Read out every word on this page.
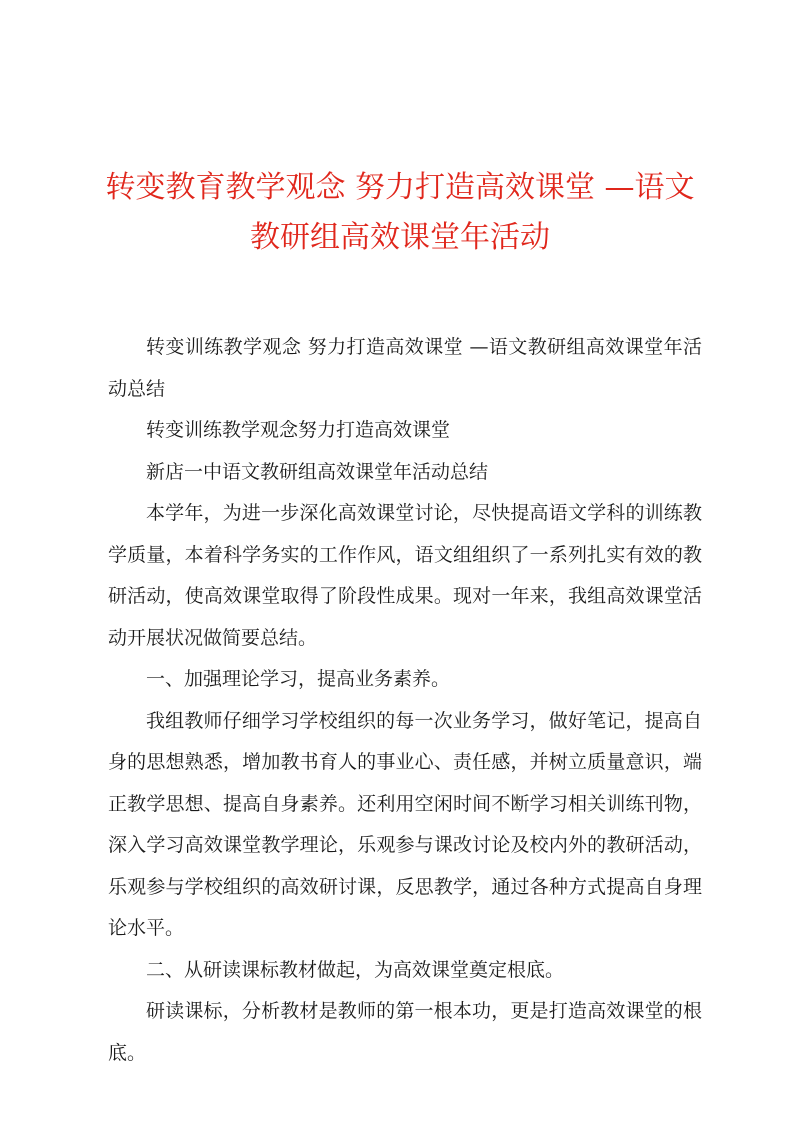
转变教育教学观念 努力打造高效课堂 —语文
教研组高效课堂年活动

转变训练教学观念 努力打造高效课堂 —语文教研组高效课堂年活动总结

转变训练教学观念努力打造高效课堂

新店一中语文教研组高效课堂年活动总结

本学年，为进一步深化高效课堂讨论，尽快提高语文学科的训练教学质量，本着科学务实的工作作风，语文组组织了一系列扎实有效的教研活动，使高效课堂取得了阶段性成果。现对一年来，我组高效课堂活动开展状况做简要总结。

一、加强理论学习，提高业务素养。

我组教师仔细学习学校组织的每一次业务学习，做好笔记，提高自身的思想熟悉，增加教书育人的事业心、责任感，并树立质量意识，端正教学思想、提高自身素养。还利用空闲时间不断学习相关训练刊物，深入学习高效课堂教学理论，乐观参与课改讨论及校内外的教研活动，乐观参与学校组织的高效研讨课，反思教学，通过各种方式提高自身理论水平。

二、从研读课标教材做起，为高效课堂奠定根底。

研读课标，分析教材是教师的第一根本功，更是打造高效课堂的根底。
